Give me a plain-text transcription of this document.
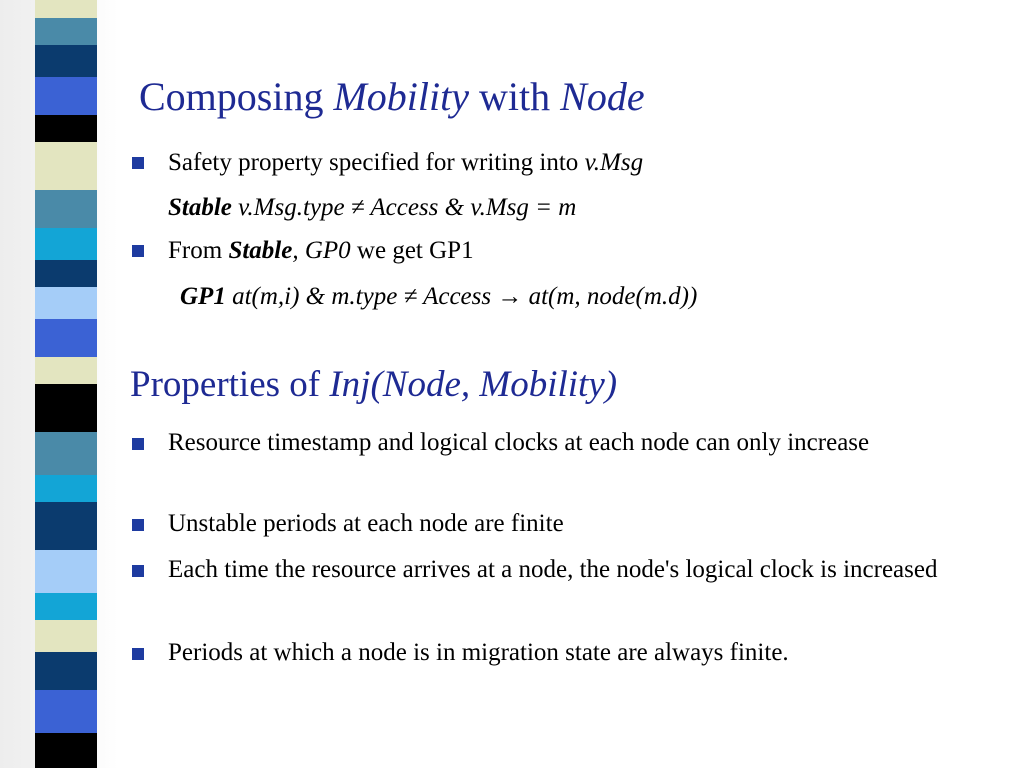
Composing Mobility with Node
Safety property specified for writing into v.Msg
Stable v.Msg.type ≠ Access & v.Msg = m
From Stable, GP0 we get GP1
GP1 at(m,i) & m.type ≠ Access → at(m, node(m.d))
Properties of Inj(Node, Mobility)
Resource timestamp and logical clocks at each node can only increase
Unstable periods at each node are finite
Each time the resource arrives at a node, the node's logical clock is increased
Periods at which a node is in migration state are always finite.
